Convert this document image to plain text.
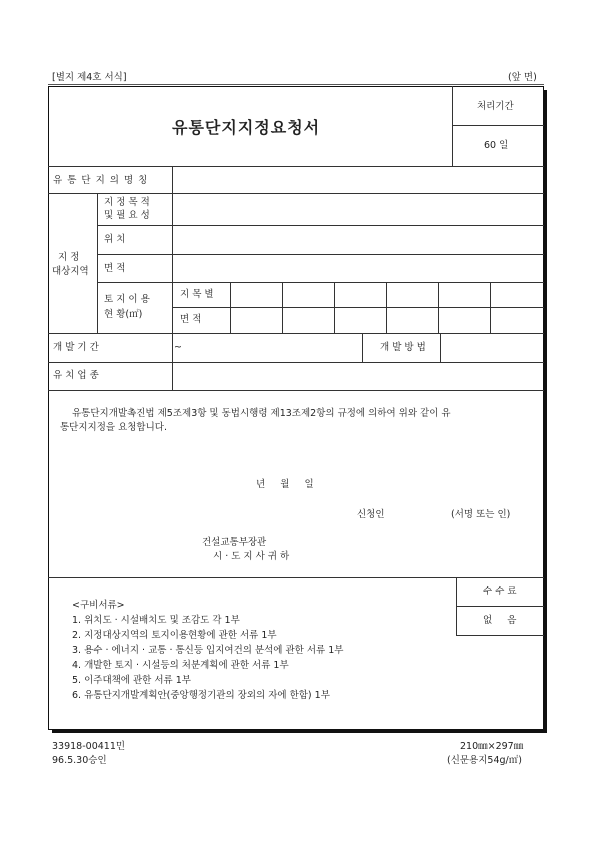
[별지 제4호 서식]	(앞 면)
유통단지지정요청서
처리기간
60 일
유 통 단 지 의 명 칭
지 정
대상지역
지 정 목 적
및 필 요 성
위 치
면 적
토 지 이 용
현 황(㎡)
지 목 별
면 적
개 발 기 간	~	개 발 방 법
유 치 업 종
유통단지개발촉진법 제5조제3항 및 동법시행령 제13조제2항의 규정에 의하여 위와 같이 유
통단지지정을 요청합니다.
년     월     일
신청인	(서명 또는 인)
건설교통부장관
시 · 도 지 사 귀 하
수 수 료
없     음
<구비서류>
1. 위치도 · 시설배치도 및 조감도 각 1부
2. 지정대상지역의 토지이용현황에 관한 서류 1부
3. 용수 · 에너지 · 교통 · 통신등 입지여건의 분석에 관한 서류 1부
4. 개발한 토지 · 시설등의 처분계획에 관한 서류 1부
5. 이주대책에 관한 서류 1부
6. 유통단지개발계획안(중앙행정기관의 장외의 자에 한함) 1부
33918-00411민
96.5.30승인
210㎜×297㎜
(신문용지54g/㎡)
